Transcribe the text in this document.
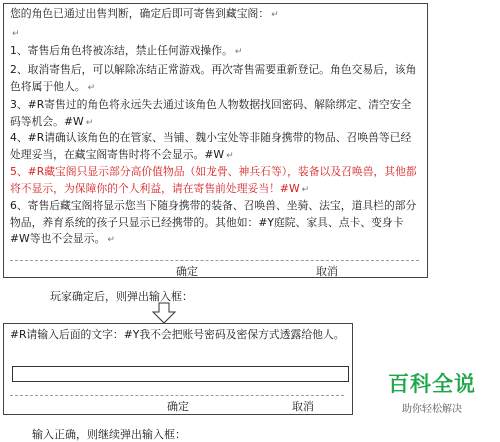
您的角色已通过出售判断，确定后即可寄售到藏宝阁： ↵

↵

1、寄售后角色将被冻结，禁止任何游戏操作。 ↵

2、取消寄售后，可以解除冻结正常游戏。再次寄售需要重新登记。角色交易后，该角色将属于他人。 ↵

3、#R寄售过的角色将永远失去通过该角色人物数据找回密码、解除绑定、清空安全码等机会。#W ↵

4、#R请确认该角色的在管家、当铺、魏小宝处等非随身携带的物品、召唤兽等已经处理妥当，在藏宝阁寄售时将不会显示。#W ↵

5、#R藏宝阁只显示部分高价值物品（如龙骨、神兵石等），装备以及召唤兽，其他都将不显示，为保障你的个人利益，请在寄售前处理妥当！#W ↵

6、寄售后藏宝阁将显示您当下随身携带的装备、召唤兽、坐骑、法宝，道具栏的部分物品，养育系统的孩子只显示已经携带的。其他如：#Y庭院、家具、点卡、变身卡#W等也不会显示。 ↵

确定	取消
玩家确定后，则弹出输入框：

#R请输入后面的文字：#Y我不会把账号密码及密保方式透露给他人。

确定	取消
输入正确，则继续弹出输入框：
百科全说
助你轻松解决
